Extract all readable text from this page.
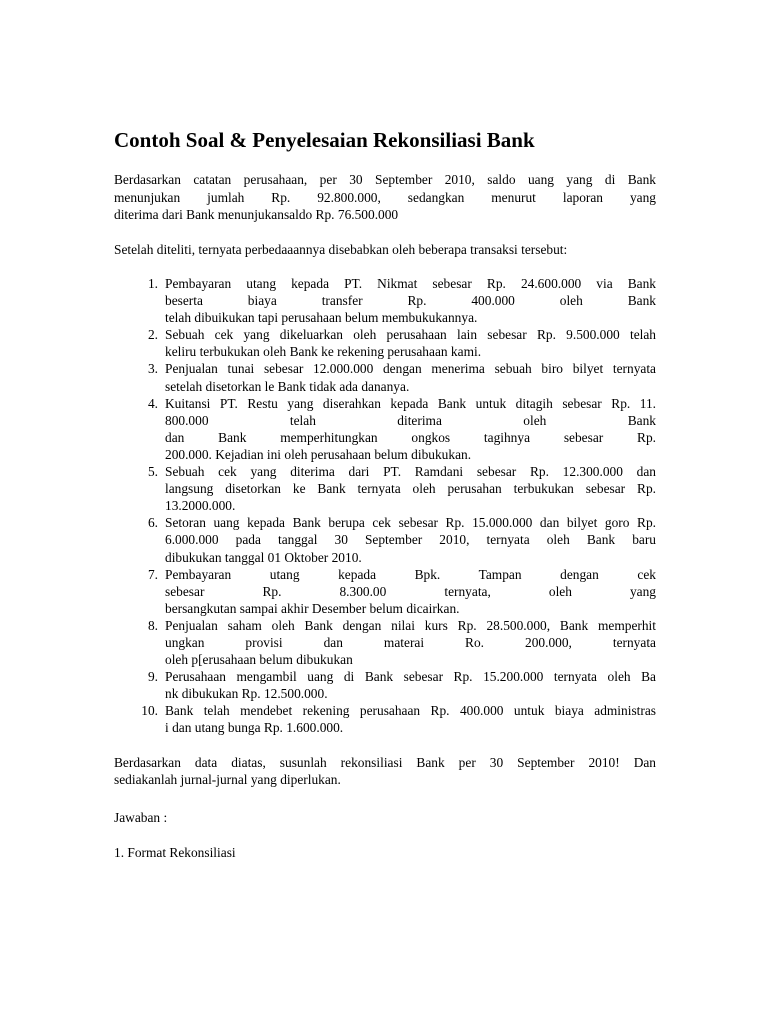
Contoh Soal & Penyelesaian Rekonsiliasi Bank
Berdasarkan catatan perusahaan, per 30 September 2010, saldo uang yang di Bank
menunjukan jumlah Rp. 92.800.000, sedangkan menurut laporan yang
diterima dari Bank menunjukansaldo Rp. 76.500.000
Setelah diteliti, ternyata perbedaaannya disebabkan oleh beberapa transaksi tersebut:
1. Pembayaran utang kepada PT. Nikmat sebesar Rp. 24.600.000 via Bank
beserta biaya transfer Rp. 400.000 oleh Bank
telah dibuikukan tapi perusahaan belum membukukannya.
2. Sebuah cek yang dikeluarkan oleh perusahaan lain sebesar Rp. 9.500.000 telah
keliru terbukukan oleh Bank ke rekening perusahaan kami.
3. Penjualan tunai sebesar 12.000.000 dengan menerima sebuah biro bilyet ternyata
setelah disetorkan le Bank tidak ada dananya.
4. Kuitansi PT. Restu yang diserahkan kepada Bank untuk ditagih sebesar Rp. 11.
800.000 telah diterima oleh Bank
dan Bank memperhitungkan ongkos tagihnya sebesar Rp.
200.000. Kejadian ini oleh perusahaan belum dibukukan.
5. Sebuah cek yang diterima dari PT. Ramdani sebesar Rp. 12.300.000 dan
langsung disetorkan ke Bank ternyata oleh perusahan terbukukan sebesar Rp.
13.2000.000.
6. Setoran uang kepada Bank berupa cek sebesar Rp. 15.000.000 dan bilyet goro Rp.
6.000.000 pada tanggal 30 September 2010, ternyata oleh Bank baru
dibukukan tanggal 01 Oktober 2010.
7. Pembayaran utang kepada Bpk. Tampan dengan cek
sebesar Rp. 8.300.00 ternyata, oleh yang
bersangkutan sampai akhir Desember belum dicairkan.
8. Penjualan saham oleh Bank dengan nilai kurs Rp. 28.500.000, Bank memperhit
ungkan provisi dan materai Ro. 200.000, ternyata
oleh p[erusahaan belum dibukukan
9. Perusahaan mengambil uang di Bank sebesar Rp. 15.200.000 ternyata oleh Ba
nk dibukukan Rp. 12.500.000.
10. Bank telah mendebet rekening perusahaan Rp. 400.000 untuk biaya administras
i dan utang bunga Rp. 1.600.000.
Berdasarkan data diatas, susunlah rekonsiliasi Bank per 30 September 2010! Dan
sediakanlah jurnal-jurnal yang diperlukan.
Jawaban :
1. Format Rekonsiliasi
